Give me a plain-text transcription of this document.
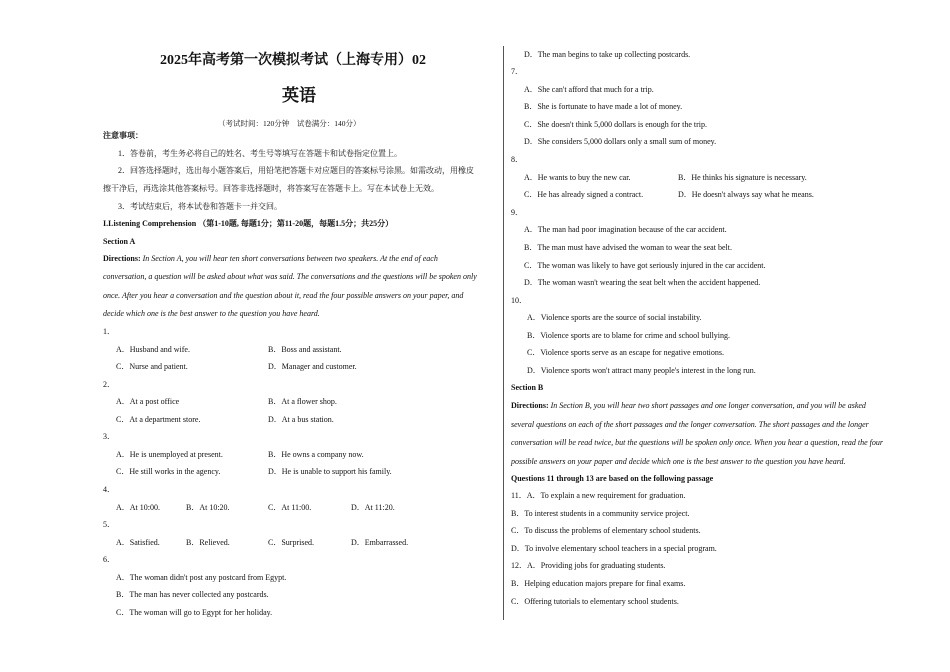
2025年高考第一次模拟考试（上海专用）02
英语
（考试时间：120分钟　试卷满分：140分）
注意事项：
1．答卷前，考生务必将自己的姓名、考生号等填写在答题卡和试卷指定位置上。
2．回答选择题时，选出每小题答案后，用铅笔把答题卡对应题目的答案标号涂黑。如需改动，用橡皮
擦干净后，再选涂其他答案标号。回答非选择题时，将答案写在答题卡上。写在本试卷上无效。
3．考试结束后，将本试卷和答题卡一并交回。
I.Listening Comprehension （第1-10题, 每题1分；第11-20题，每题1.5分；共25分）
Section A
Directions: In Section A, you will hear ten short conversations between two speakers. At the end of each
conversation, a question will be asked about what was said. The conversations and the questions will be spoken only
once. After you hear a conversation and the question about it, read the four possible answers on your paper, and
decide which one is the best answer to the question you have heard.
1．
A．Husband and wife.	B．Boss and assistant.
C．Nurse and patient.	D．Manager and customer.
2．
A．At a post office	B．At a flower shop.
C．At a department store.	D．At a bus station.
3．
A．He is unemployed at present.	B．He owns a company now.
C．He still works in the agency.	D．He is unable to support his family.
4．
A．At 10:00.	B．At 10:20.	C．At 11:00.	D．At 11:20.
5．
A．Satisfied.	B．Relieved.	C．Surprised.	D．Embarrassed.
6．
A．The woman didn't post any postcard from Egypt.
B．The man has never collected any postcards.
C．The woman will go to Egypt for her holiday.
D．The man begins to take up collecting postcards.
7．
A．She can't afford that much for a trip.
B．She is fortunate to have made a lot of money.
C．She doesn't think 5,000 dollars is enough for the trip.
D．She considers 5,000 dollars only a small sum of money.
8．
A．He wants to buy the new car.	B．He thinks his signature is necessary.
C．He has already signed a contract.	D．He doesn't always say what he means.
9．
A．The man had poor imagination because of the car accident.
B．The man must have advised the woman to wear the seat belt.
C．The woman was likely to have got seriously injured in the car accident.
D．The woman wasn't wearing the seat belt when the accident happened.
10．
A．Violence sports are the source of social instability.
B．Violence sports are to blame for crime and school bullying.
C．Violence sports serve as an escape for negative emotions.
D．Violence sports won't attract many people's interest in the long run.
Section B
Directions: In Section B, you will hear two short passages and one longer conversation, and you will be asked
several questions on each of the short passages and the longer conversation. The short passages and the longer
conversation will be read twice, but the questions will be spoken only once. When you hear a question, read the four
possible answers on your paper and decide which one is the best answer to the question you have heard.
Questions 11 through 13 are based on the following passage
11．A．To explain a new requirement for graduation.
B．To interest students in a community service project.
C．To discuss the problems of elementary school students.
D．To involve elementary school teachers in a special program.
12．A．Providing jobs for graduating students.
B．Helping education majors prepare for final exams.
C．Offering tutorials to elementary school students.
